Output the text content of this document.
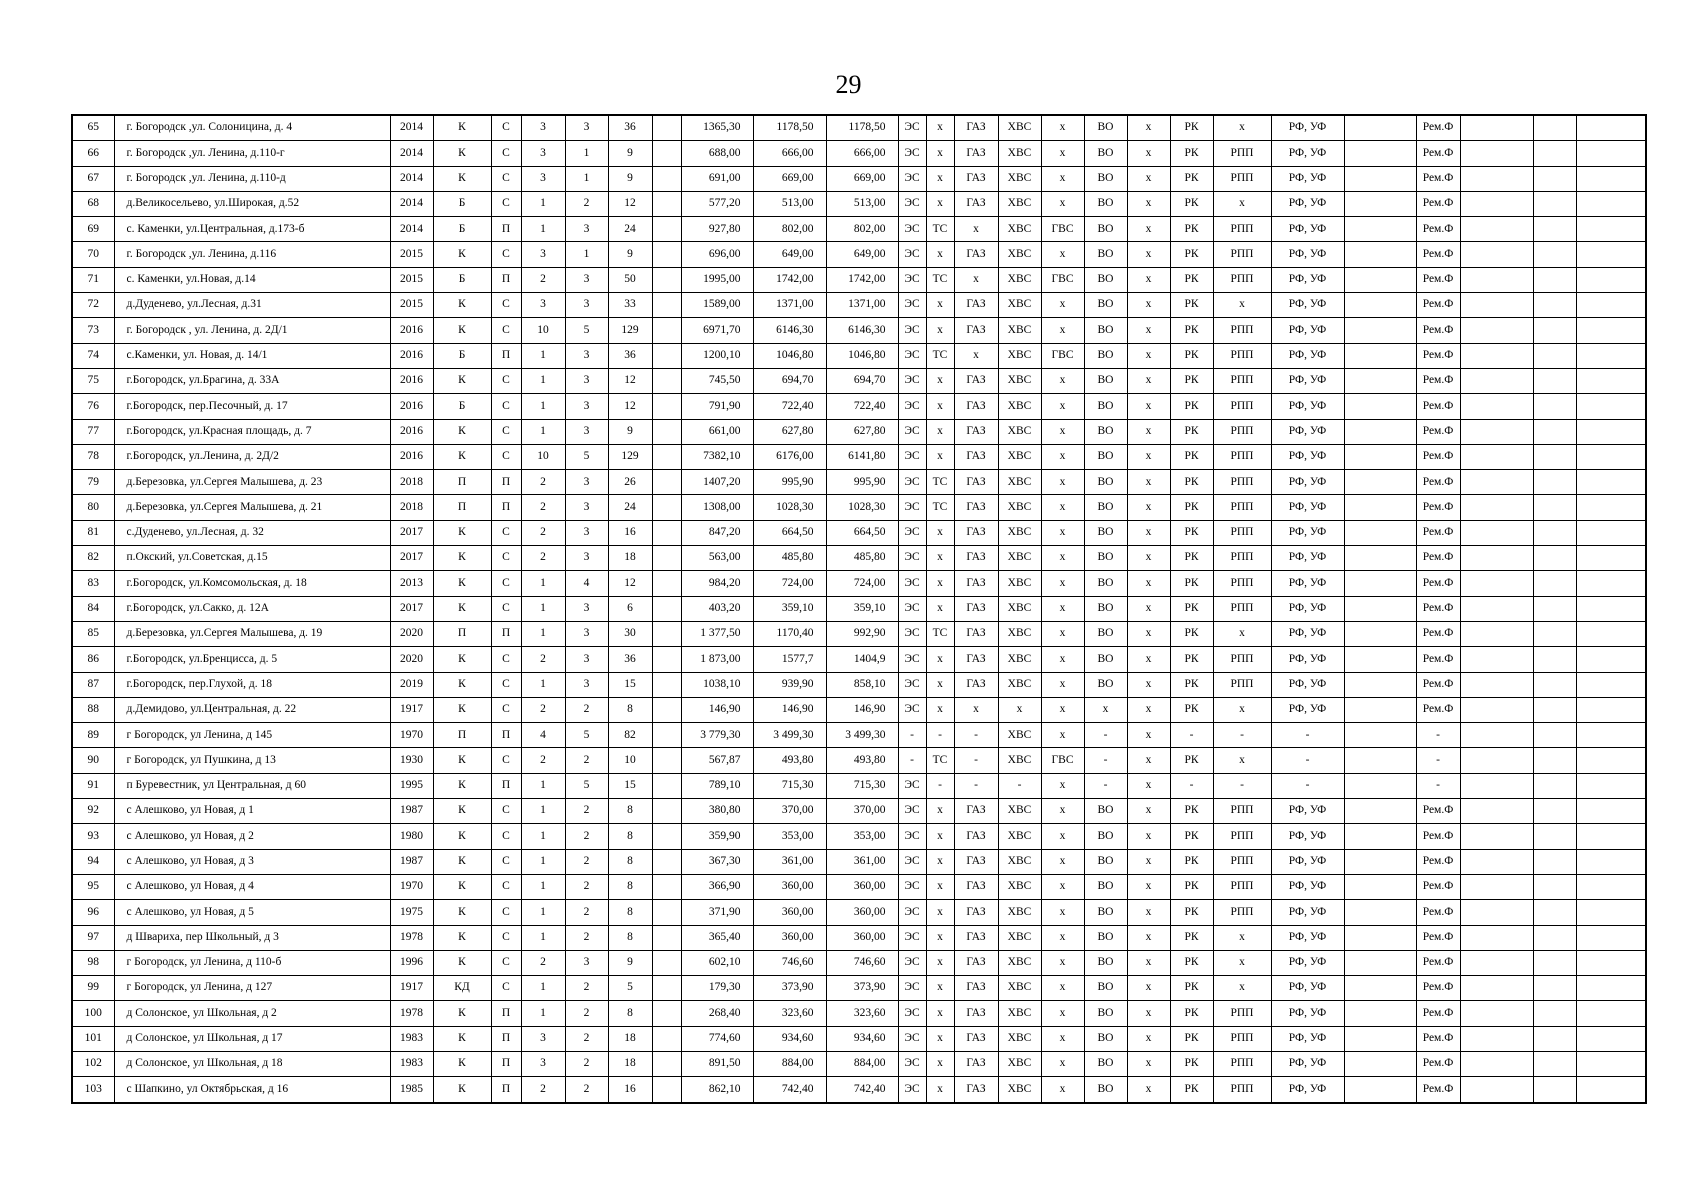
29
65	г. Богородск ,ул. Солоницина, д. 4	2014	К	С	3	3	36		1365,30	1178,50	1178,50	ЭС	х	ГАЗ	ХВС	х	ВО	х	РК	х	РФ, УФ		Рем.Ф			
66	г. Богородск ,ул. Ленина, д.110-г	2014	К	С	3	1	9		688,00	666,00	666,00	ЭС	х	ГАЗ	ХВС	х	ВО	х	РК	РПП	РФ, УФ		Рем.Ф			
67	г. Богородск ,ул. Ленина, д.110-д	2014	К	С	3	1	9		691,00	669,00	669,00	ЭС	х	ГАЗ	ХВС	х	ВО	х	РК	РПП	РФ, УФ		Рем.Ф			
68	д.Великосельево, ул.Широкая, д.52	2014	Б	С	1	2	12		577,20	513,00	513,00	ЭС	х	ГАЗ	ХВС	х	ВО	х	РК	х	РФ, УФ		Рем.Ф			
69	с. Каменки, ул.Центральная, д.173-б	2014	Б	П	1	3	24		927,80	802,00	802,00	ЭС	ТС	х	ХВС	ГВС	ВО	х	РК	РПП	РФ, УФ		Рем.Ф			
70	г. Богородск ,ул. Ленина, д.116	2015	К	С	3	1	9		696,00	649,00	649,00	ЭС	х	ГАЗ	ХВС	х	ВО	х	РК	РПП	РФ, УФ		Рем.Ф			
71	с. Каменки, ул.Новая, д.14	2015	Б	П	2	3	50		1995,00	1742,00	1742,00	ЭС	ТС	х	ХВС	ГВС	ВО	х	РК	РПП	РФ, УФ		Рем.Ф			
72	д.Дуденево, ул.Лесная, д.31	2015	К	С	3	3	33		1589,00	1371,00	1371,00	ЭС	х	ГАЗ	ХВС	х	ВО	х	РК	х	РФ, УФ		Рем.Ф			
73	г. Богородск , ул. Ленина, д. 2Д/1	2016	К	С	10	5	129		6971,70	6146,30	6146,30	ЭС	х	ГАЗ	ХВС	х	ВО	х	РК	РПП	РФ, УФ		Рем.Ф			
74	с.Каменки, ул. Новая, д. 14/1	2016	Б	П	1	3	36		1200,10	1046,80	1046,80	ЭС	ТС	х	ХВС	ГВС	ВО	х	РК	РПП	РФ, УФ		Рем.Ф			
75	г.Богородск, ул.Брагина, д. 33А	2016	К	С	1	3	12		745,50	694,70	694,70	ЭС	х	ГАЗ	ХВС	х	ВО	х	РК	РПП	РФ, УФ		Рем.Ф			
76	г.Богородск, пер.Песочный, д. 17	2016	Б	С	1	3	12		791,90	722,40	722,40	ЭС	х	ГАЗ	ХВС	х	ВО	х	РК	РПП	РФ, УФ		Рем.Ф			
77	г.Богородск, ул.Красная площадь, д. 7	2016	К	С	1	3	9		661,00	627,80	627,80	ЭС	х	ГАЗ	ХВС	х	ВО	х	РК	РПП	РФ, УФ		Рем.Ф			
78	г.Богородск, ул.Ленина, д. 2Д/2	2016	К	С	10	5	129		7382,10	6176,00	6141,80	ЭС	х	ГАЗ	ХВС	х	ВО	х	РК	РПП	РФ, УФ		Рем.Ф			
79	д.Березовка, ул.Сергея Малышева, д. 23	2018	П	П	2	3	26		1407,20	995,90	995,90	ЭС	ТС	ГАЗ	ХВС	х	ВО	х	РК	РПП	РФ, УФ		Рем.Ф			
80	д.Березовка, ул.Сергея Малышева, д. 21	2018	П	П	2	3	24		1308,00	1028,30	1028,30	ЭС	ТС	ГАЗ	ХВС	х	ВО	х	РК	РПП	РФ, УФ		Рем.Ф			
81	с.Дуденево, ул.Лесная, д. 32	2017	К	С	2	3	16		847,20	664,50	664,50	ЭС	х	ГАЗ	ХВС	х	ВО	х	РК	РПП	РФ, УФ		Рем.Ф			
82	п.Окский, ул.Советская, д.15	2017	К	С	2	3	18		563,00	485,80	485,80	ЭС	х	ГАЗ	ХВС	х	ВО	х	РК	РПП	РФ, УФ		Рем.Ф			
83	г.Богородск, ул.Комсомольская, д. 18	2013	К	С	1	4	12		984,20	724,00	724,00	ЭС	х	ГАЗ	ХВС	х	ВО	х	РК	РПП	РФ, УФ		Рем.Ф			
84	г.Богородск, ул.Сакко, д. 12А	2017	К	С	1	3	6		403,20	359,10	359,10	ЭС	х	ГАЗ	ХВС	х	ВО	х	РК	РПП	РФ, УФ		Рем.Ф			
85	д.Березовка, ул.Сергея Малышева, д. 19	2020	П	П	1	3	30		1 377,50	1170,40	992,90	ЭС	ТС	ГАЗ	ХВС	х	ВО	х	РК	х	РФ, УФ		Рем.Ф			
86	г.Богородск, ул.Бренцисса, д. 5	2020	К	С	2	3	36		1 873,00	1577,7	1404,9	ЭС	х	ГАЗ	ХВС	х	ВО	х	РК	РПП	РФ, УФ		Рем.Ф			
87	г.Богородск, пер.Глухой, д. 18	2019	К	С	1	3	15		1038,10	939,90	858,10	ЭС	х	ГАЗ	ХВС	х	ВО	х	РК	РПП	РФ, УФ		Рем.Ф			
88	д.Демидово, ул.Центральная, д. 22	1917	К	С	2	2	8		146,90	146,90	146,90	ЭС	х	х	х	х	х	х	РК	х	РФ, УФ		Рем.Ф			
89	г Богородск, ул Ленина, д 145	1970	П	П	4	5	82		3 779,30	3 499,30	3 499,30	-	-	-	ХВС	х	-	х	-	-	-		-			
90	г Богородск, ул Пушкина, д 13	1930	К	С	2	2	10		567,87	493,80	493,80	-	ТС	-	ХВС	ГВС	-	х	РК	х	-		-			
91	п Буревестник, ул Центральная, д 60	1995	К	П	1	5	15		789,10	715,30	715,30	ЭС	-	-	-	х	-	х	-	-	-		-			
92	с Алешково, ул Новая, д 1	1987	К	С	1	2	8		380,80	370,00	370,00	ЭС	х	ГАЗ	ХВС	х	ВО	х	РК	РПП	РФ, УФ		Рем.Ф			
93	с Алешково, ул Новая, д 2	1980	К	С	1	2	8		359,90	353,00	353,00	ЭС	х	ГАЗ	ХВС	х	ВО	х	РК	РПП	РФ, УФ		Рем.Ф			
94	с Алешково, ул Новая, д 3	1987	К	С	1	2	8		367,30	361,00	361,00	ЭС	х	ГАЗ	ХВС	х	ВО	х	РК	РПП	РФ, УФ		Рем.Ф			
95	с Алешково, ул Новая, д 4	1970	К	С	1	2	8		366,90	360,00	360,00	ЭС	х	ГАЗ	ХВС	х	ВО	х	РК	РПП	РФ, УФ		Рем.Ф			
96	с Алешково, ул Новая, д 5	1975	К	С	1	2	8		371,90	360,00	360,00	ЭС	х	ГАЗ	ХВС	х	ВО	х	РК	РПП	РФ, УФ		Рем.Ф			
97	д Швариха, пер Школьный, д 3	1978	К	С	1	2	8		365,40	360,00	360,00	ЭС	х	ГАЗ	ХВС	х	ВО	х	РК	х	РФ, УФ		Рем.Ф			
98	г Богородск, ул Ленина, д 110-б	1996	К	С	2	3	9		602,10	746,60	746,60	ЭС	х	ГАЗ	ХВС	х	ВО	х	РК	х	РФ, УФ		Рем.Ф			
99	г Богородск, ул Ленина, д 127	1917	КД	С	1	2	5		179,30	373,90	373,90	ЭС	х	ГАЗ	ХВС	х	ВО	х	РК	х	РФ, УФ		Рем.Ф			
100	д Солонское, ул Школьная, д 2	1978	К	П	1	2	8		268,40	323,60	323,60	ЭС	х	ГАЗ	ХВС	х	ВО	х	РК	РПП	РФ, УФ		Рем.Ф			
101	д Солонское, ул Школьная, д 17	1983	К	П	3	2	18		774,60	934,60	934,60	ЭС	х	ГАЗ	ХВС	х	ВО	х	РК	РПП	РФ, УФ		Рем.Ф			
102	д Солонское, ул Школьная, д 18	1983	К	П	3	2	18		891,50	884,00	884,00	ЭС	х	ГАЗ	ХВС	х	ВО	х	РК	РПП	РФ, УФ		Рем.Ф			
103	с Шапкино, ул Октябрьская, д 16	1985	К	П	2	2	16		862,10	742,40	742,40	ЭС	х	ГАЗ	ХВС	х	ВО	х	РК	РПП	РФ, УФ		Рем.Ф			
